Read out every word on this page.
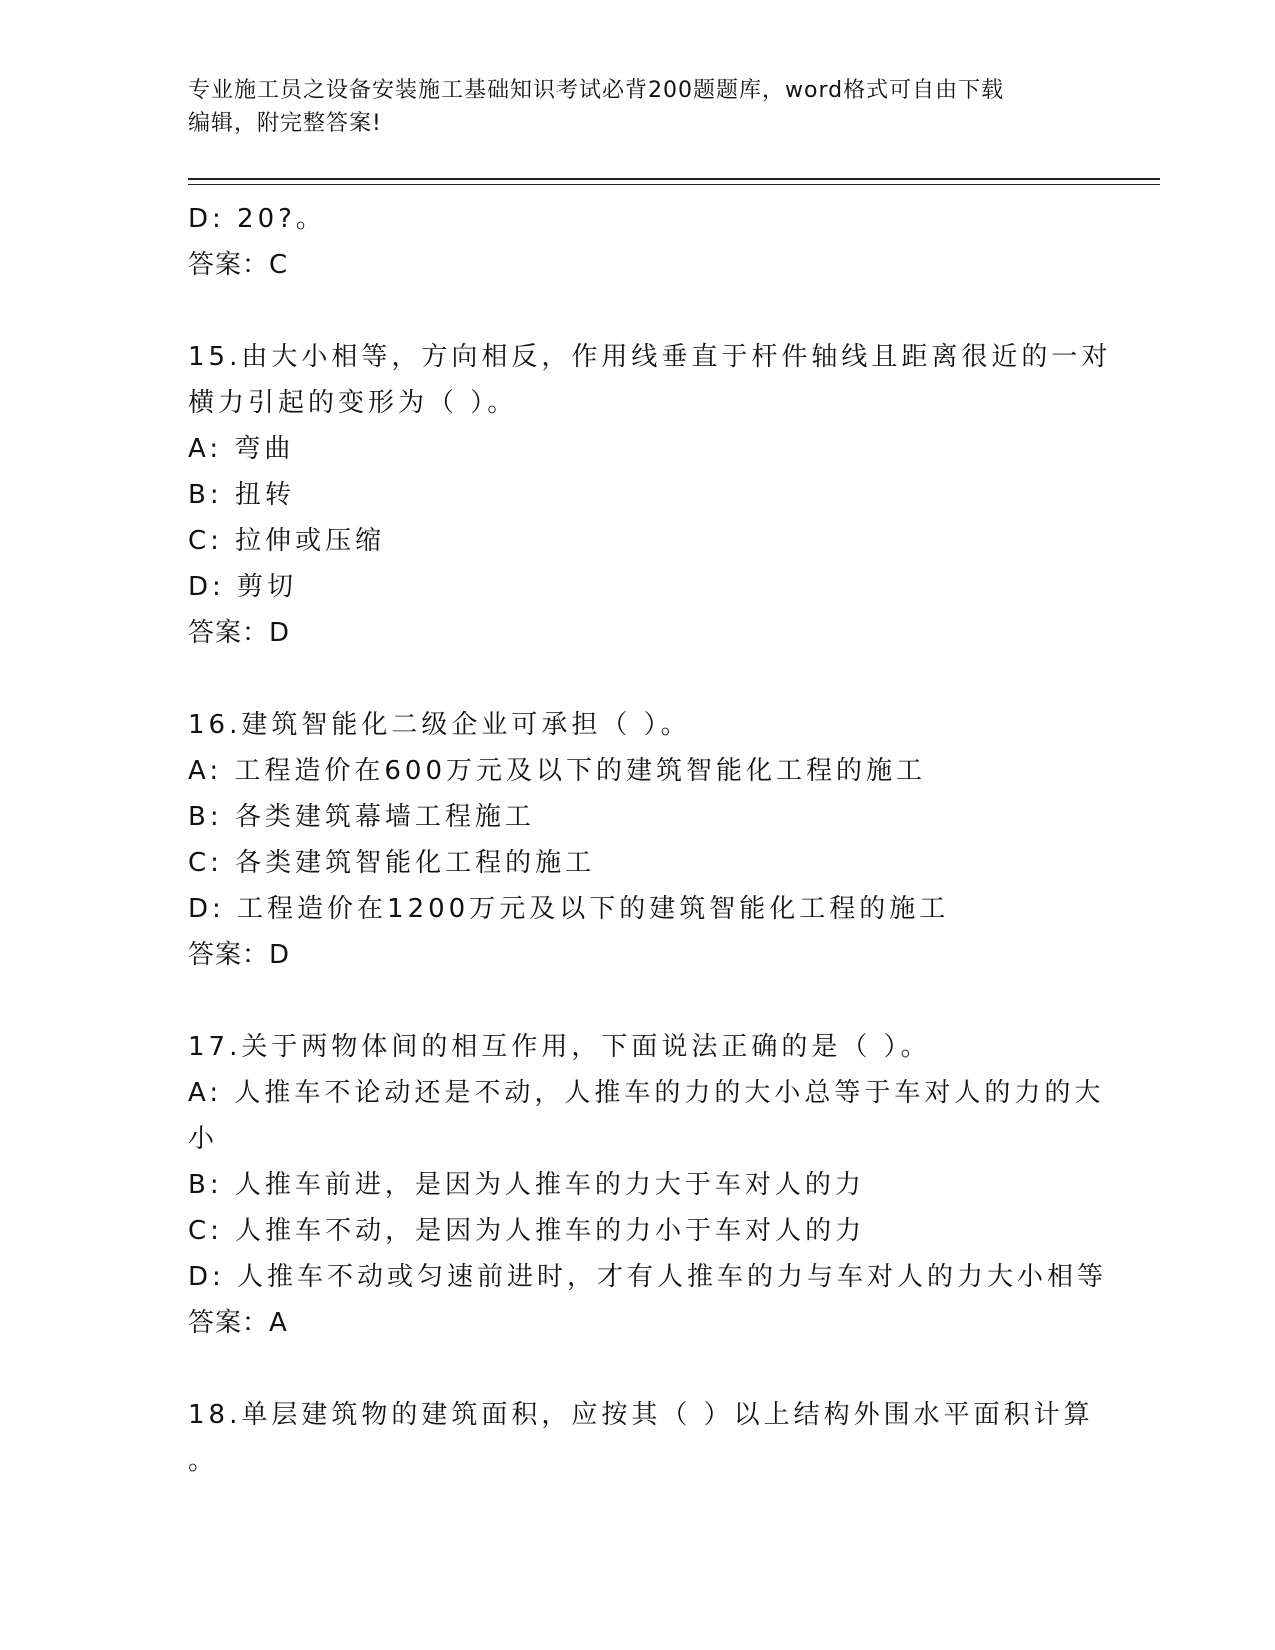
专业施工员之设备安装施工基础知识考试必背200题题库，word格式可自由下载
编辑，附完整答案!
D: 20?。
答案：C
15.由大小相等，方向相反，作用线垂直于杆件轴线且距离很近的一对
横力引起的变形为（ ）。
A: 弯曲
B: 扭转
C: 拉伸或压缩
D: 剪切
答案：D
16.建筑智能化二级企业可承担（ ）。
A: 工程造价在600万元及以下的建筑智能化工程的施工
B: 各类建筑幕墙工程施工
C: 各类建筑智能化工程的施工
D: 工程造价在1200万元及以下的建筑智能化工程的施工
答案：D
17.关于两物体间的相互作用，下面说法正确的是（ ）。
A: 人推车不论动还是不动，人推车的力的大小总等于车对人的力的大
小
B: 人推车前进，是因为人推车的力大于车对人的力
C: 人推车不动，是因为人推车的力小于车对人的力
D: 人推车不动或匀速前进时，才有人推车的力与车对人的力大小相等
答案：A
18.单层建筑物的建筑面积，应按其（ ）以上结构外围水平面积计算
。
